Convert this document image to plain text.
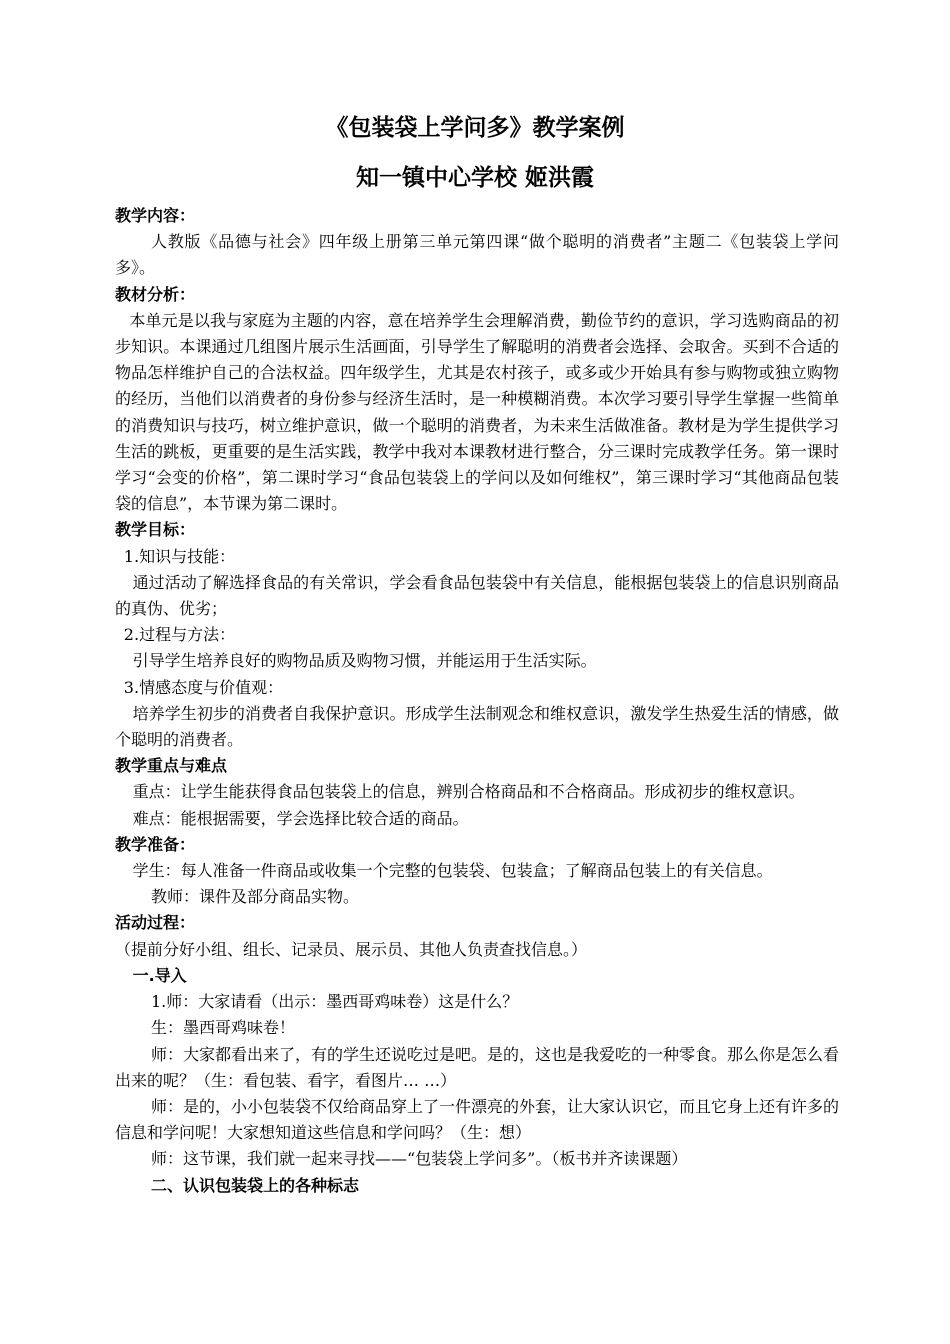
《包装袋上学问多》教学案例
知一镇中心学校 姬洪霞

教学内容：

人教版《品德与社会》四年级上册第三单元第四课“做个聪明的消费者”主题二《包装袋上学问多》。

教材分析：

本单元是以我与家庭为主题的内容，意在培养学生会理解消费，勤俭节约的意识，学习选购商品的初步知识。本课通过几组图片展示生活画面，引导学生了解聪明的消费者会选择、会取舍。买到不合适的物品怎样维护自己的合法权益。四年级学生，尤其是农村孩子，或多或少开始具有参与购物或独立购物的经历，当他们以消费者的身份参与经济生活时，是一种模糊消费。本次学习要引导学生掌握一些简单的消费知识与技巧，树立维护意识，做一个聪明的消费者，为未来生活做准备。教材是为学生提供学习生活的跳板，更重要的是生活实践，教学中我对本课教材进行整合，分三课时完成教学任务。第一课时学习“会变的价格”，第二课时学习“食品包装袋上的学问以及如何维权”，第三课时学习“其他商品包装袋的信息”，本节课为第二课时。

教学目标：

1.知识与技能：

通过活动了解选择食品的有关常识，学会看食品包装袋中有关信息，能根据包装袋上的信息识别商品的真伪、优劣；

2.过程与方法：

引导学生培养良好的购物品质及购物习惯，并能运用于生活实际。

3.情感态度与价值观：

培养学生初步的消费者自我保护意识。形成学生法制观念和维权意识，激发学生热爱生活的情感，做个聪明的消费者。

教学重点与难点

重点：让学生能获得食品包装袋上的信息，辨别合格商品和不合格商品。形成初步的维权意识。

难点：能根据需要，学会选择比较合适的商品。

教学准备：

学生：每人准备一件商品或收集一个完整的包装袋、包装盒；了解商品包装上的有关信息。

教师：课件及部分商品实物。

活动过程：

（提前分好小组、组长、记录员、展示员、其他人负责查找信息。）

一.导入

1.师：大家请看（出示：墨西哥鸡味卷）这是什么？

生：墨西哥鸡味卷！

师：大家都看出来了，有的学生还说吃过是吧。是的，这也是我爱吃的一种零食。那么你是怎么看出来的呢？（生：看包装、看字，看图片… …）

师：是的，小小包装袋不仅给商品穿上了一件漂亮的外套，让大家认识它，而且它身上还有许多的信息和学问呢！大家想知道这些信息和学问吗？（生：想）

师：这节课，我们就一起来寻找——“包装袋上学问多”。（板书并齐读课题）

二、认识包装袋上的各种标志
